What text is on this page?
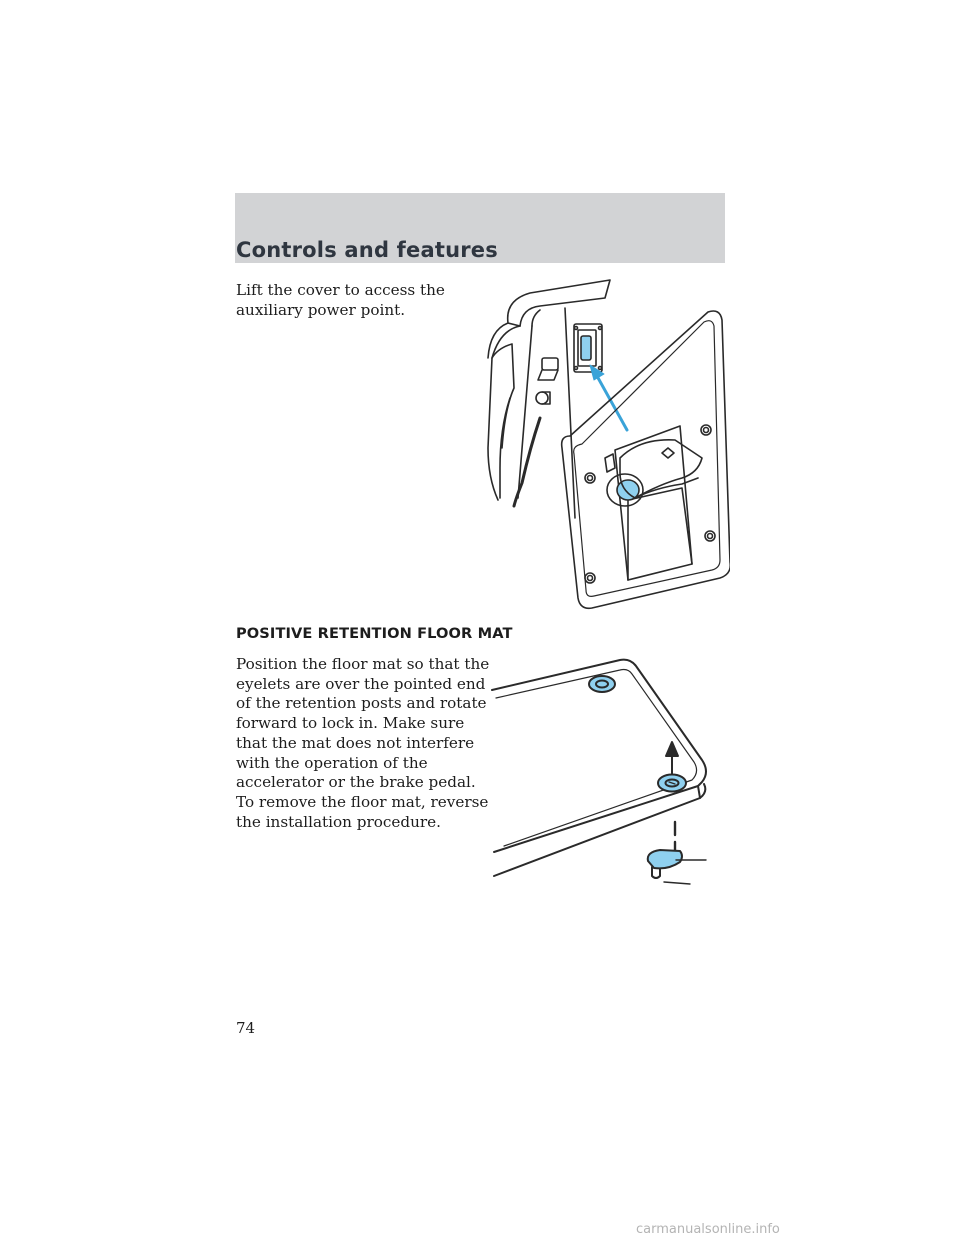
Controls and features
Lift the cover to access the auxiliary power point.
POSITIVE RETENTION FLOOR MAT
Position the floor mat so that the eyelets are over the pointed end of the retention posts and rotate forward to lock in. Make sure that the mat does not interfere with the operation of the accelerator or the brake pedal. To remove the floor mat, reverse the installation procedure.
74
carmanualsonline.info
